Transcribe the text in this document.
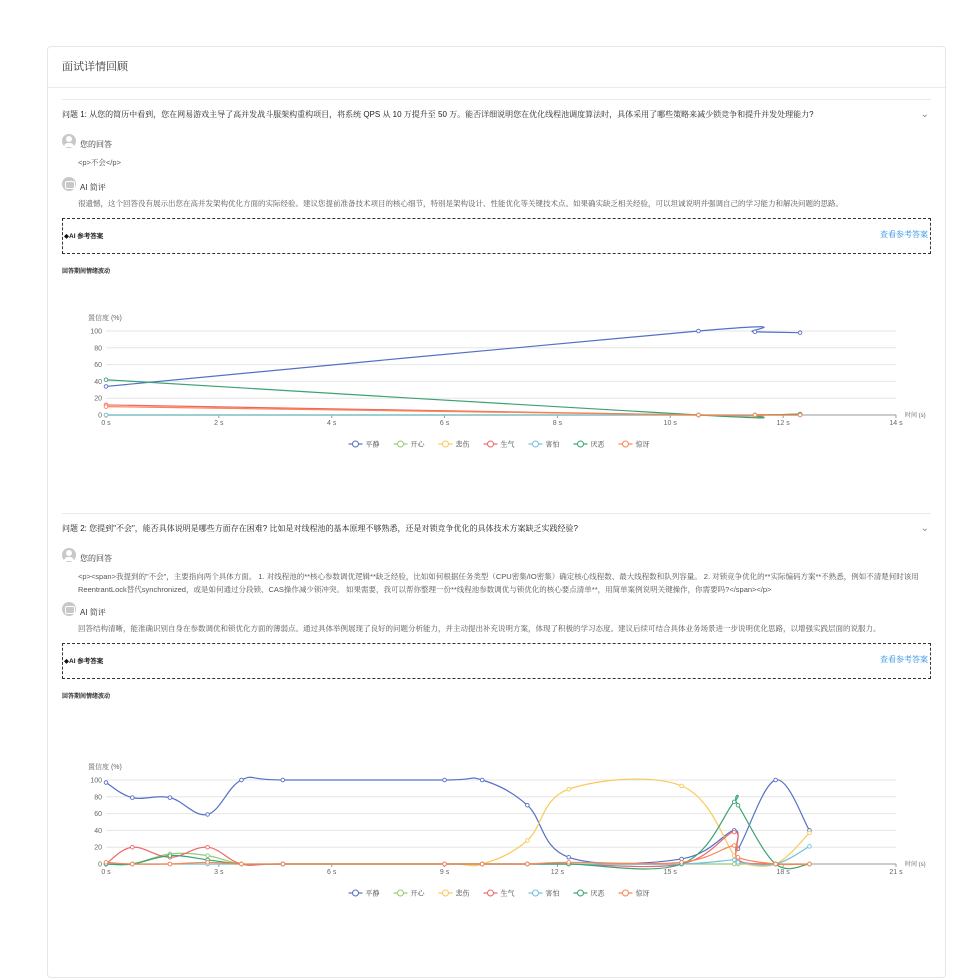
面试详情回顾
问题 1: 从您的简历中看到，您在网易游戏主导了高并发战斗服架构重构项目，将系统 QPS 从 10 万提升至 50 万。能否详细说明您在优化线程池调度算法时，具体采用了哪些策略来减少锁竞争和提升并发处理能力?	⌄
您的回答
<p>不会</p>
AI 简评
很遗憾，这个回答没有展示出您在高并发架构优化方面的实际经验。建议您提前准备技术项目的核心细节，特别是架构设计、性能优化等关键技术点。如果确实缺乏相关经验，可以坦诚说明并强调自己的学习能力和解决问题的思路。
◆AI 参考答案	查看参考答案
回答期间情绪波动
置信度 (%)
0
20
40
60
80
100
0 s	2 s	4 s	6 s	8 s	10 s	12 s	14 s
时间 (s)
平静	开心	悲伤	生气	害怕	厌恶	惊讶
问题 2: 您提到"不会"，能否具体说明是哪些方面存在困难? 比如是对线程池的基本原理不够熟悉，还是对锁竞争优化的具体技术方案缺乏实践经验?	⌄
您的回答
<p><span>我提到的"不会"，主要指向两个具体方面。 1. 对线程池的**核心参数调优逻辑**缺乏经验，比如如何根据任务类型（CPU密集/IO密集）确定核心线程数、最大线程数和队列容量。 2. 对锁竞争优化的**实际编码方案**不熟悉，例如不清楚何时该用ReentrantLock替代synchronized，或是如何通过分段锁、CAS操作减少锁冲突。 如果需要，我可以帮你整理一份**线程池参数调优与锁优化的核心要点清单**，用简单案例说明关键操作，你需要吗?</span></p>
AI 简评
回答结构清晰，能准确识别自身在参数调优和锁优化方面的薄弱点。通过具体举例展现了良好的问题分析能力，并主动提出补充说明方案，体现了积极的学习态度。建议后续可结合具体业务场景进一步说明优化思路，以增强实践层面的说服力。
◆AI 参考答案	查看参考答案
回答期间情绪波动
置信度 (%)
0
20
40
60
80
100
0 s	3 s	6 s	9 s	12 s	15 s	18 s	21 s
时间 (s)
平静	开心	悲伤	生气	害怕	厌恶	惊讶
